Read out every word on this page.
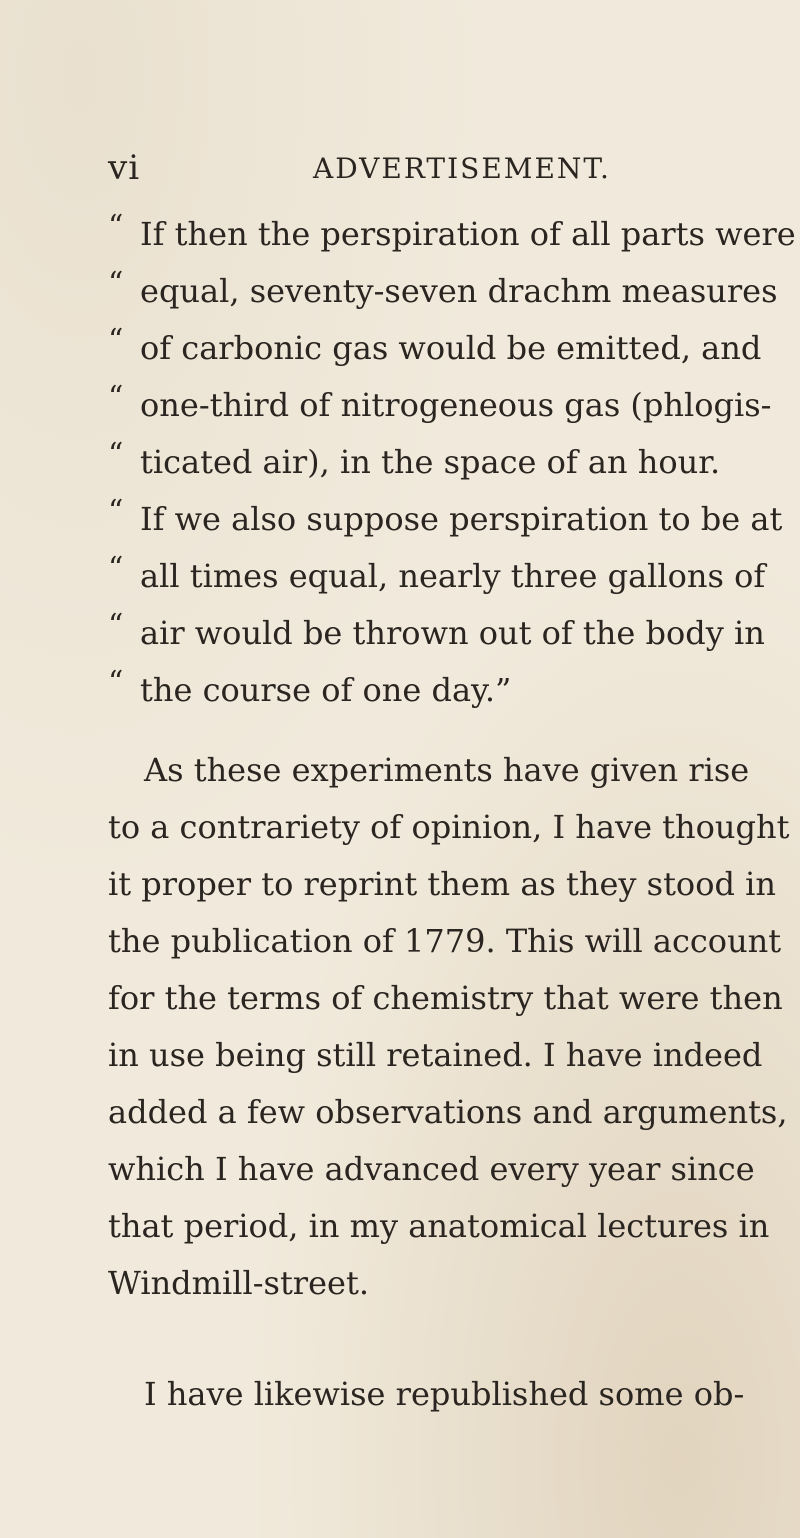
vi	ADVERTISEMENT.
“ If then the perspiration of all parts were
“ equal, seventy-seven drachm measures
“ of carbonic gas would be emitted, and
“ one-third of nitrogeneous gas (phlogis-
“ ticated air), in the space of an hour.
“ If we also suppose perspiration to be at
“ all times equal, nearly three gallons of
“ air would be thrown out of the body in
“ the course of one day.”
As these experiments have given rise
to a contrariety of opinion, I have thought
it proper to reprint them as they stood in
the publication of 1779. This will account
for the terms of chemistry that were then
in use being still retained. I have indeed
added a few observations and arguments,
which I have advanced every year since
that period, in my anatomical lectures in
Windmill-street.
I have likewise republished some ob-
